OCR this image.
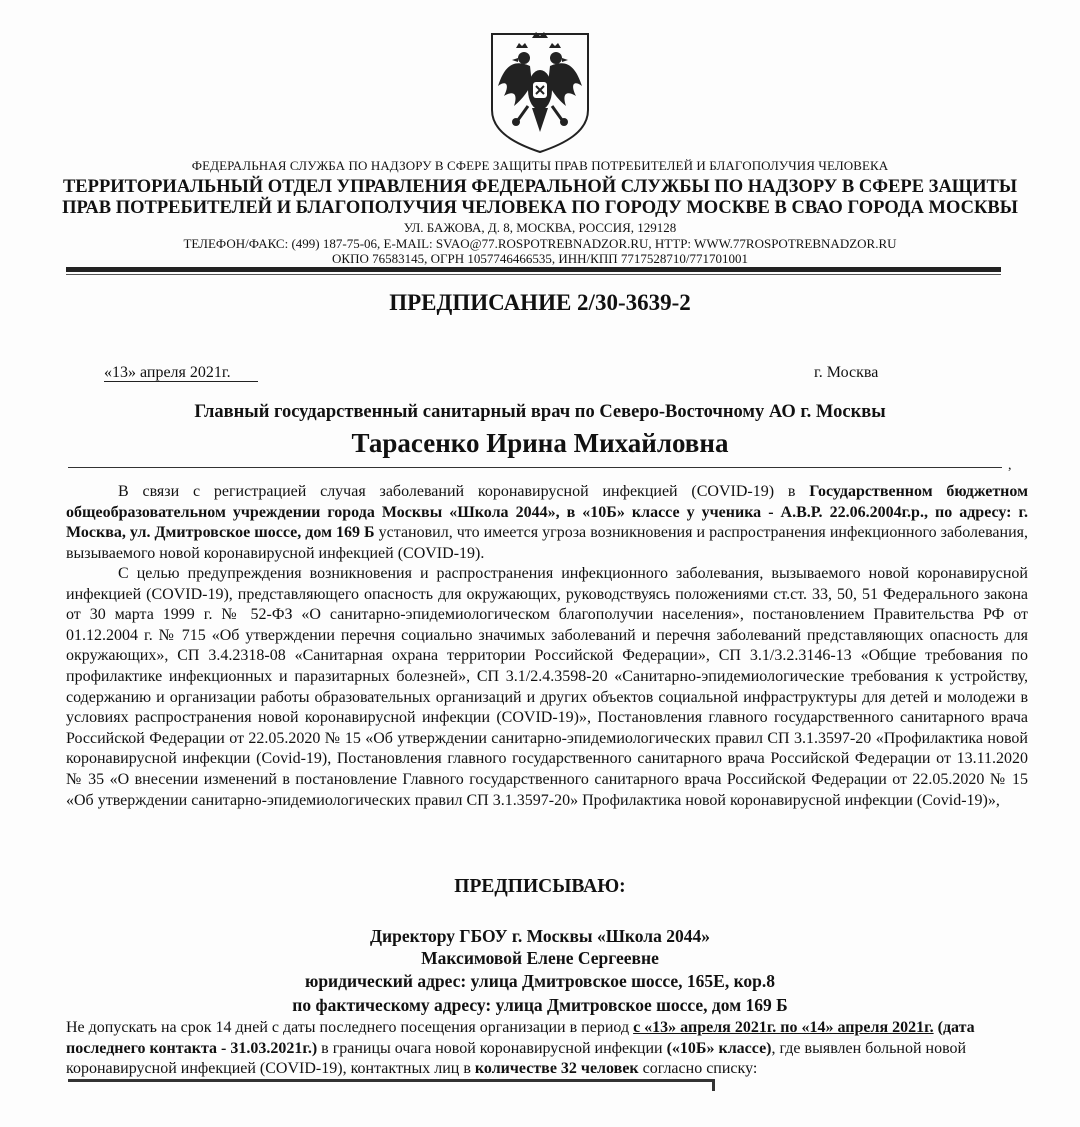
ФЕДЕРАЛЬНАЯ СЛУЖБА ПО НАДЗОРУ В СФЕРЕ ЗАЩИТЫ ПРАВ ПОТРЕБИТЕЛЕЙ И БЛАГОПОЛУЧИЯ ЧЕЛОВЕКА
ТЕРРИТОРИАЛЬНЫЙ ОТДЕЛ УПРАВЛЕНИЯ ФЕДЕРАЛЬНОЙ СЛУЖБЫ ПО НАДЗОРУ В СФЕРЕ ЗАЩИТЫ
ПРАВ ПОТРЕБИТЕЛЕЙ И БЛАГОПОЛУЧИЯ ЧЕЛОВЕКА ПО ГОРОДУ МОСКВЕ В СВАО ГОРОДА МОСКВЫ
УЛ. БАЖОВА, Д. 8, МОСКВА, РОССИЯ, 129128
ТЕЛЕФОН/ФАКС: (499) 187-75-06, E-MAIL: SVAO@77.ROSPOTREBNADZOR.RU, HTTP: WWW.77ROSPOTREBNADZOR.RU
ОКПО 76583145, ОГРН 1057746466535, ИНН/КПП 7717528710/771701001
ПРЕДПИСАНИЕ 2/30-3639-2
«13» апреля 2021г.	г. Москва
Главный государственный санитарный врач по Северо-Восточному АО г. Москвы
Тарасенко Ирина Михайловна
,
В связи с регистрацией случая заболеваний коронавирусной инфекцией (COVID-19) в Государственном бюджетном общеобразовательном учреждении города Москвы «Школа 2044», в «10Б» классе у ученика - А.В.Р. 22.06.2004г.р., по адресу: г. Москва, ул. Дмитровское шоссе, дом 169 Б установил, что имеется угроза возникновения и распространения инфекционного заболевания, вызываемого новой коронавирусной инфекцией (COVID-19).
С целью предупреждения возникновения и распространения инфекционного заболевания, вызываемого новой коронавирусной инфекцией (COVID-19), представляющего опасность для окружающих, руководствуясь положениями ст.ст. 33, 50, 51 Федерального закона от 30 марта 1999 г. № 52-ФЗ «О санитарно-эпидемиологическом благополучии населения», постановлением Правительства РФ от 01.12.2004 г. № 715 «Об утверждении перечня социально значимых заболеваний и перечня заболеваний представляющих опасность для окружающих», СП 3.4.2318-08 «Санитарная охрана территории Российской Федерации», СП 3.1/3.2.3146-13 «Общие требования по профилактике инфекционных и паразитарных болезней», СП 3.1/2.4.3598-20 «Санитарно-эпидемиологические требования к устройству, содержанию и организации работы образовательных организаций и других объектов социальной инфраструктуры для детей и молодежи в условиях распространения новой коронавирусной инфекции (COVID-19)», Постановления главного государственного санитарного врача Российской Федерации от 22.05.2020 № 15 «Об утверждении санитарно-эпидемиологических правил СП 3.1.3597-20 «Профилактика новой коронавирусной инфекции (Covid-19), Постановления главного государственного санитарного врача Российской Федерации от 13.11.2020 № 35 «О внесении изменений в постановление Главного государственного санитарного врача Российской Федерации от 22.05.2020 № 15 «Об утверждении санитарно-эпидемиологических правил СП 3.1.3597-20» Профилактика новой коронавирусной инфекции (Covid-19)»,
ПРЕДПИСЫВАЮ:
Директору ГБОУ г. Москвы «Школа 2044»
Максимовой Елене Сергеевне
юридический адрес: улица Дмитровское шоссе, 165Е, кор.8
по фактическому адресу: улица Дмитровское шоссе, дом 169 Б
Не допускать на срок 14 дней с даты последнего посещения организации в период с «13» апреля 2021г. по «14» апреля 2021г. (дата последнего контакта - 31.03.2021г.) в границы очага новой коронавирусной инфекции («10Б» классе), где выявлен больной новой коронавирусной инфекцией (COVID-19), контактных лиц в количестве 32 человек согласно списку:
